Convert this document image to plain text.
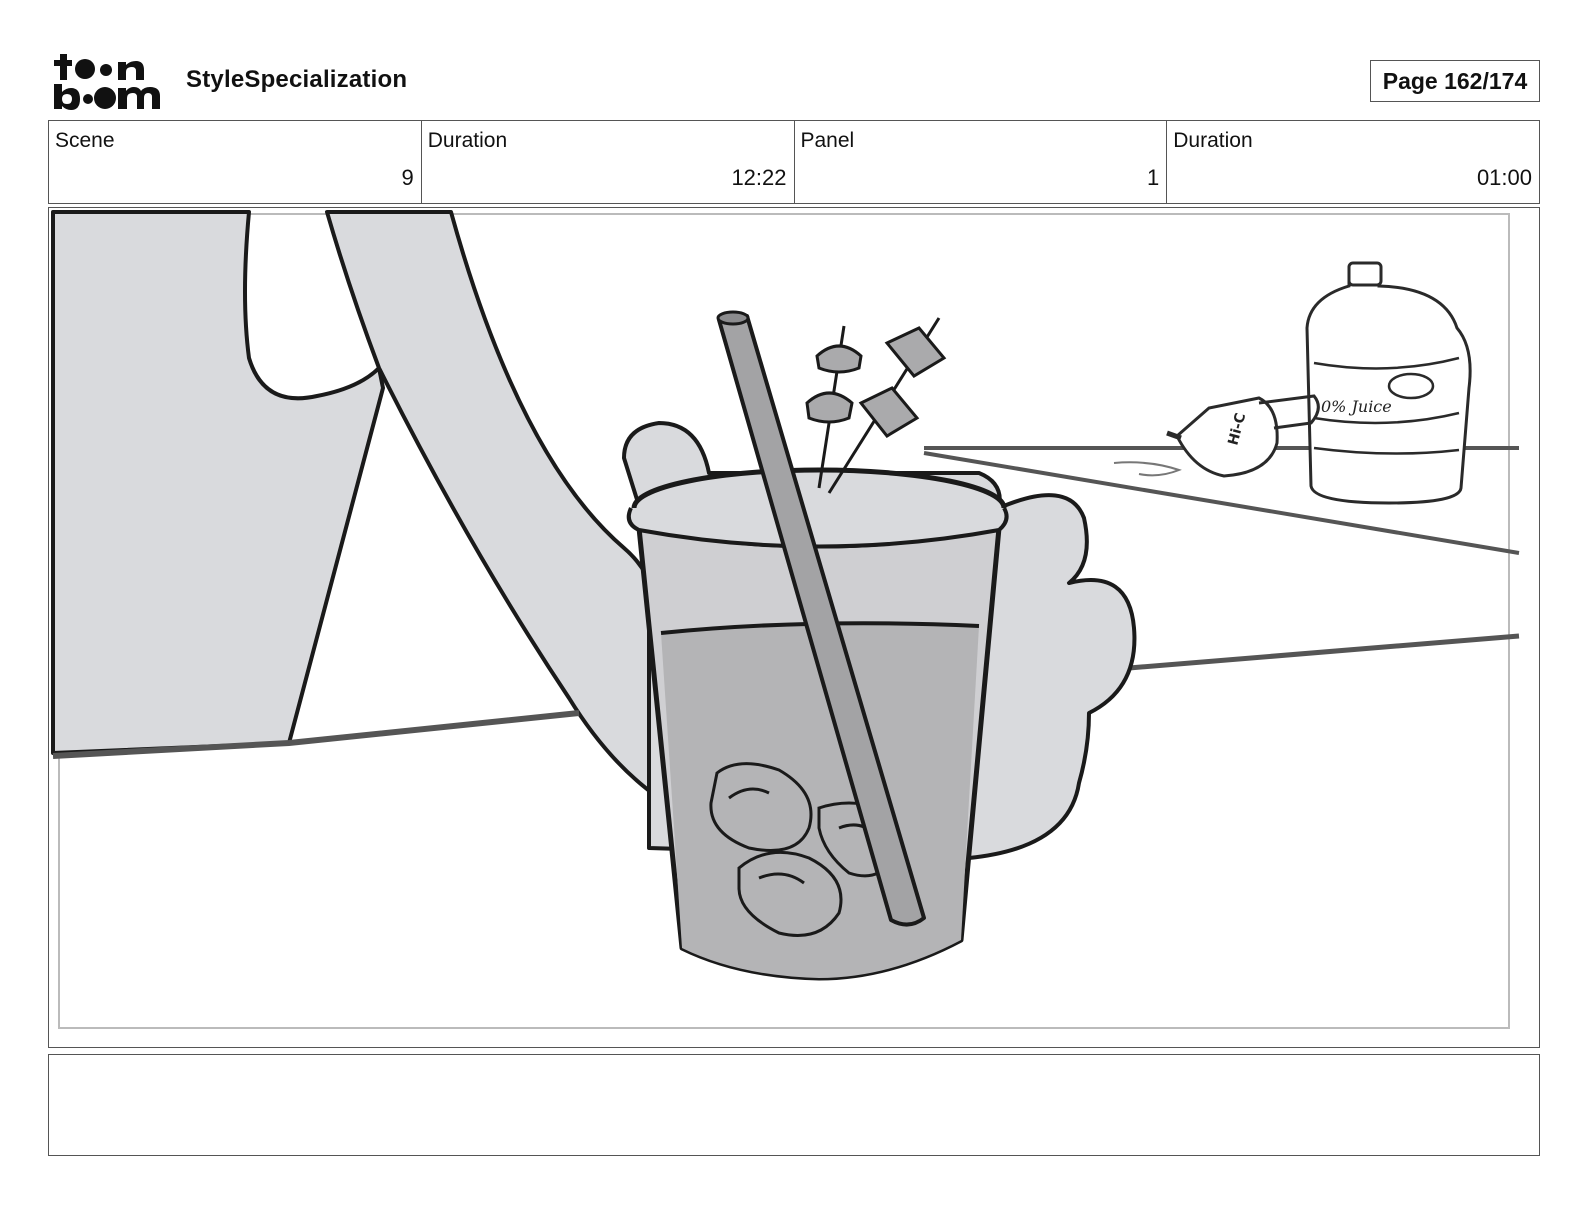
StyleSpecialization	Page 162/174
Scene
9
Duration
12:22
Panel
1
Duration
01:00
0% Juice
Hi-C
